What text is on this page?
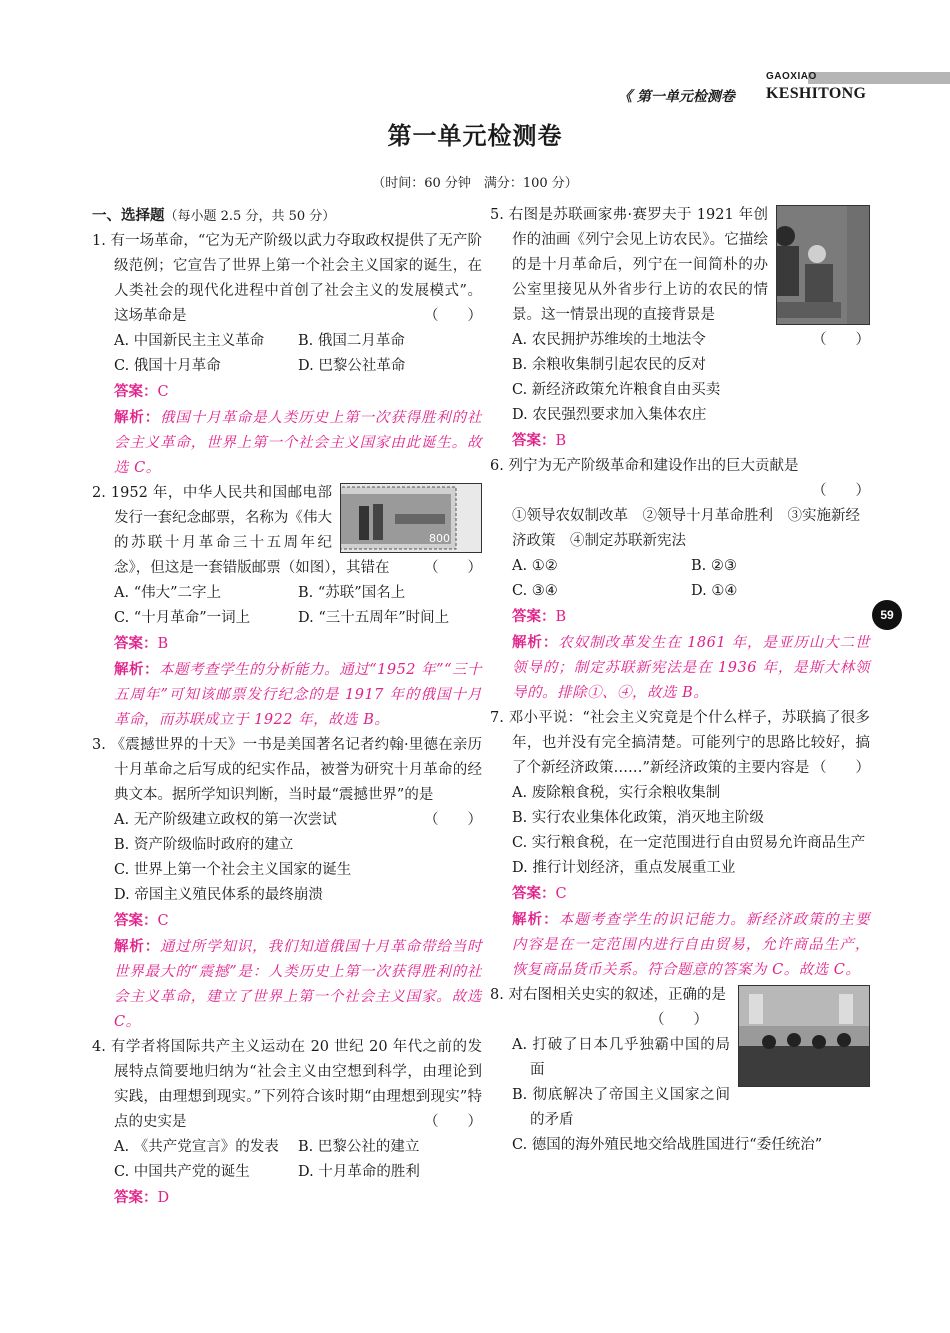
GAOXIAO
KESHITONG
《 第一单元检测卷
第一单元检测卷
（时间：60 分钟　满分：100 分）
59
一、选择题（每小题 2.5 分，共 50 分）
1. 有一场革命，“它为无产阶级以武力夺取政权提供了无产阶级范例；它宣告了世界上第一个社会主义国家的诞生，在人类社会的现代化进程中首创了社会主义的发展模式”。这场革命是	（　　）
A. 中国新民主主义革命	B. 俄国二月革命
C. 俄国十月革命	D. 巴黎公社革命
答案：C
解析：俄国十月革命是人类历史上第一次获得胜利的社会主义革命，世界上第一个社会主义国家由此诞生。故选 C。
800
2. 1952 年，中华人民共和国邮电部发行一套纪念邮票，名称为《伟大的苏联十月革命三十五周年纪念》，但这是一套错版邮票（如图），其错在 （　　）
A. “伟大”二字上	B. “苏联”国名上
C. “十月革命”一词上	D. “三十五周年”时间上
答案：B
解析：本题考查学生的分析能力。通过“1952 年”“三十五周年”可知该邮票发行纪念的是 1917 年的俄国十月革命，而苏联成立于 1922 年，故选 B。
3. 《震撼世界的十天》一书是美国著名记者约翰·里德在亲历十月革命之后写成的纪实作品，被誉为研究十月革命的经典文本。据所学知识判断，当时最“震撼世界”的是
（　　）
A. 无产阶级建立政权的第一次尝试
B. 资产阶级临时政府的建立
C. 世界上第一个社会主义国家的诞生
D. 帝国主义殖民体系的最终崩溃
答案：C
解析：通过所学知识，我们知道俄国十月革命带给当时世界最大的“震撼”是：人类历史上第一次获得胜利的社会主义革命，建立了世界上第一个社会主义国家。故选 C。
4. 有学者将国际共产主义运动在 20 世纪 20 年代之前的发展特点简要地归纳为“社会主义由空想到科学，由理论到实践，由理想到现实。”下列符合该时期“由理想到现实”特点的史实是	（　　）
A. 《共产党宣言》的发表	B. 巴黎公社的建立
C. 中国共产党的诞生	D. 十月革命的胜利
答案：D
5. 右图是苏联画家弗·赛罗夫于 1921 年创作的油画《列宁会见上访农民》。它描绘的是十月革命后，列宁在一间简朴的办公室里接见从外省步行上访的农民的情景。这一情景出现的直接背景是
（　　）
A. 农民拥护苏维埃的土地法令
B. 余粮收集制引起农民的反对
C. 新经济政策允许粮食自由买卖
D. 农民强烈要求加入集体农庄
答案：B
6. 列宁为无产阶级革命和建设作出的巨大贡献是
（　　）
①领导农奴制改革　②领导十月革命胜利　③实施新经济政策　④制定苏联新宪法
A. ①②	B. ②③
C. ③④	D. ①④
答案：B
解析：农奴制改革发生在 1861 年，是亚历山大二世领导的；制定苏联新宪法是在 1936 年，是斯大林领导的。排除①、④，故选 B。
7. 邓小平说：“社会主义究竟是个什么样子，苏联搞了很多年，也并没有完全搞清楚。可能列宁的思路比较好，搞了个新经济政策……”新经济政策的主要内容是 （　　）
A. 废除粮食税，实行余粮收集制
B. 实行农业集体化政策，消灭地主阶级
C. 实行粮食税，在一定范围进行自由贸易允许商品生产
D. 推行计划经济，重点发展重工业
答案：C
解析：本题考查学生的识记能力。新经济政策的主要内容是在一定范围内进行自由贸易，允许商品生产，恢复商品货币关系。符合题意的答案为 C。故选 C。
8. 对右图相关史实的叙述，正确的是
（　　）
A. 打破了日本几乎独霸中国的局面
B. 彻底解决了帝国主义国家之间的矛盾
C. 德国的海外殖民地交给战胜国进行“委任统治”
